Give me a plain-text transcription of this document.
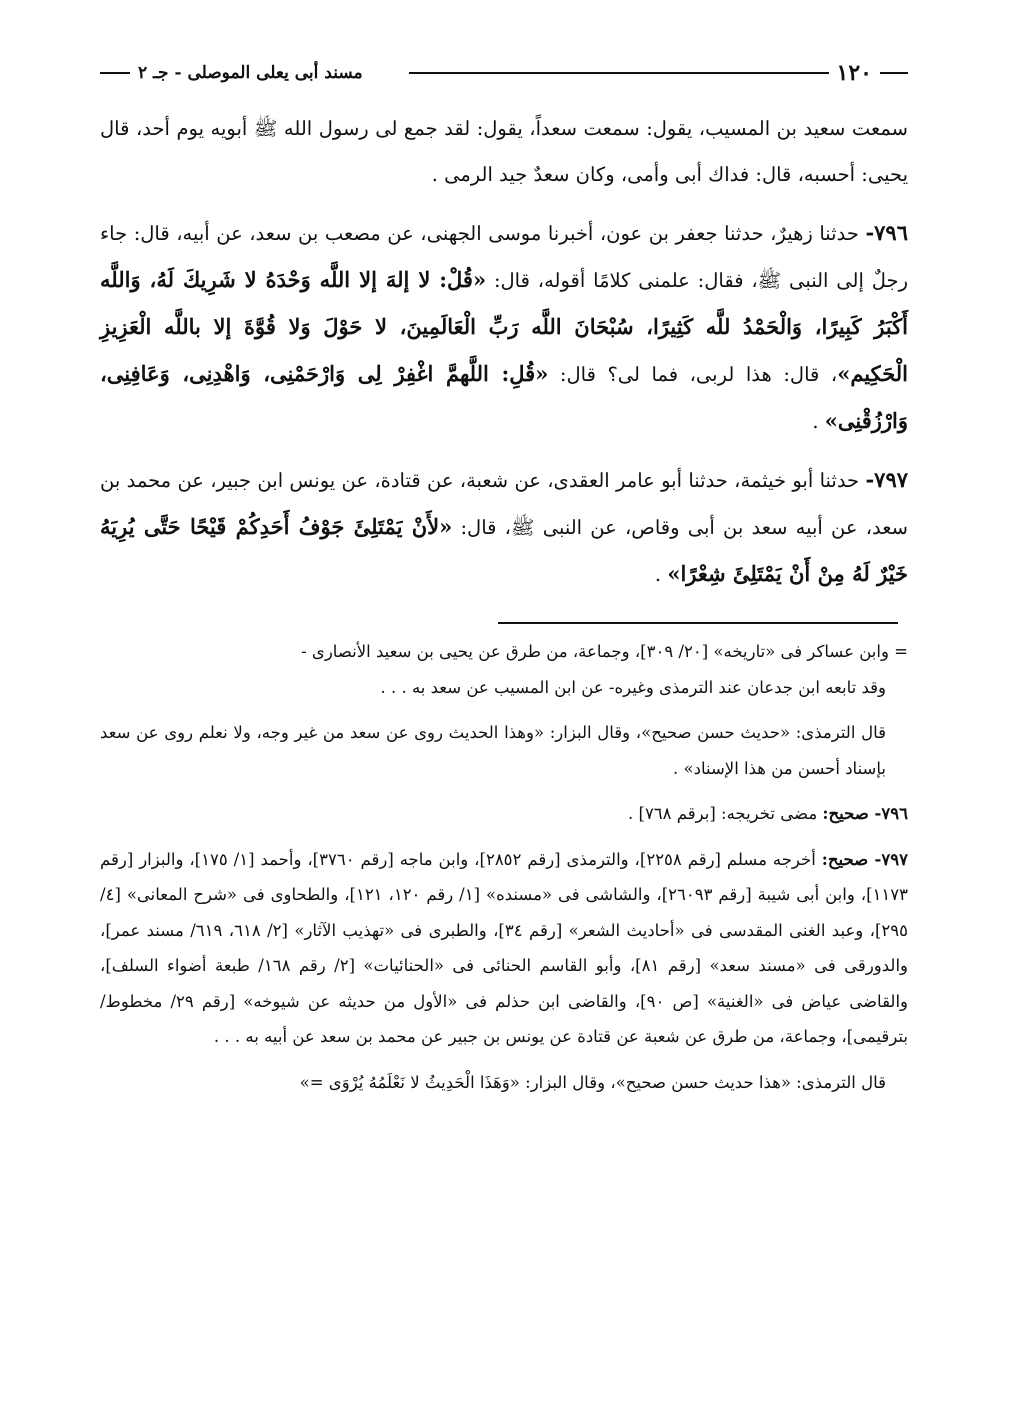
١٢٠
مسند أبى يعلى الموصلى - جـ ٢

سمعت سعيد بن المسيب، يقول: سمعت سعداً، يقول: لقد جمع لى رسول الله ﷺ أبويه يوم أحد، قال يحيى: أحسبه، قال: فداك أبى وأمى، وكان سعدٌ جيد الرمى .

٧٩٦- حدثنا زهيرٌ، حدثنا جعفر بن عون، أخبرنا موسى الجهنى، عن مصعب بن سعد، عن أبيه، قال: جاء رجلٌ إلى النبى ﷺ، فقال: علمنى كلامًا أقوله، قال: «قُلْ: لا إلهَ إلا اللَّه وَحْدَهُ لا شَرِيكَ لَهُ، وَاللَّه أَكْبَرُ كَبِيرًا، وَالْحَمْدُ للَّه كَثِيرًا، سُبْحَانَ اللَّه رَبِّ الْعَالَمِينَ، لا حَوْلَ وَلا قُوَّةَ إلا باللَّه الْعَزِيزِ الْحَكِيم»، قال: هذا لربى، فما لى؟ قال: «قُلِ: اللَّهمَّ اغْفِرْ لِى وَارْحَمْنِى، وَاهْدِنِى، وَعَافِنِى، وَارْزُقْنِى» .

٧٩٧- حدثنا أبو خيثمة، حدثنا أبو عامر العقدى، عن شعبة، عن قتادة، عن يونس ابن جبير، عن محمد بن سعد، عن أبيه سعد بن أبى وقاص، عن النبى ﷺ، قال: «لأَنْ يَمْتَلِئَ جَوْفُ أَحَدِكُمْ قَيْحًا حَتَّى يُرِيَهُ خَيْرٌ لَهُ مِنْ أَنْ يَمْتَلِئَ شِعْرًا» .

= وابن عساكر فى «تاريخه» [٢٠/ ٣٠٩]، وجماعة، من طرق عن يحيى بن سعيد الأنصارى -

وقد تابعه ابن جدعان عند الترمذى وغيره- عن ابن المسيب عن سعد به . . .

قال الترمذى: «حديث حسن صحيح»، وقال البزار: «وهذا الحديث روى عن سعد من غير وجه، ولا نعلم روى عن سعد بإسناد أحسن من هذا الإسناد» .

٧٩٦- صحيح: مضى تخريجه: [برقم ٧٦٨] .

٧٩٧- صحيح: أخرجه مسلم [رقم ٢٢٥٨]، والترمذى [رقم ٢٨٥٢]، وابن ماجه [رقم ٣٧٦٠]، وأحمد [١/ ١٧٥]، والبزار [رقم ١١٧٣]، وابن أبى شيبة [رقم ٢٦٠٩٣]، والشاشى فى «مسنده» [١/ رقم ١٢٠، ١٢١]، والطحاوى فى «شرح المعانى» [٤/ ٢٩٥]، وعبد الغنى المقدسى فى «أحاديث الشعر» [رقم ٣٤]، والطبرى فى «تهذيب الآثار» [٢/ ٦١٨، ٦١٩/ مسند عمر]، والدورقى فى «مسند سعد» [رقم ٨١]، وأبو القاسم الحنائى فى «الحنائيات» [٢/ رقم ١٦٨/ طبعة أضواء السلف]، والقاضى عياض فى «الغنية» [ص ٩٠]، والقاضى ابن حذلم فى «الأول من حديثه عن شيوخه» [رقم ٢٩/ مخطوط/ بترقيمى]، وجماعة، من طرق عن شعبة عن قتادة عن يونس بن جبير عن محمد بن سعد عن أبيه به . . .

قال الترمذى: «هذا حديث حسن صحيح»، وقال البزار: «وَهَذَا الْحَدِيثُ لا نَعْلَمُهُ يُرْوَى =»
